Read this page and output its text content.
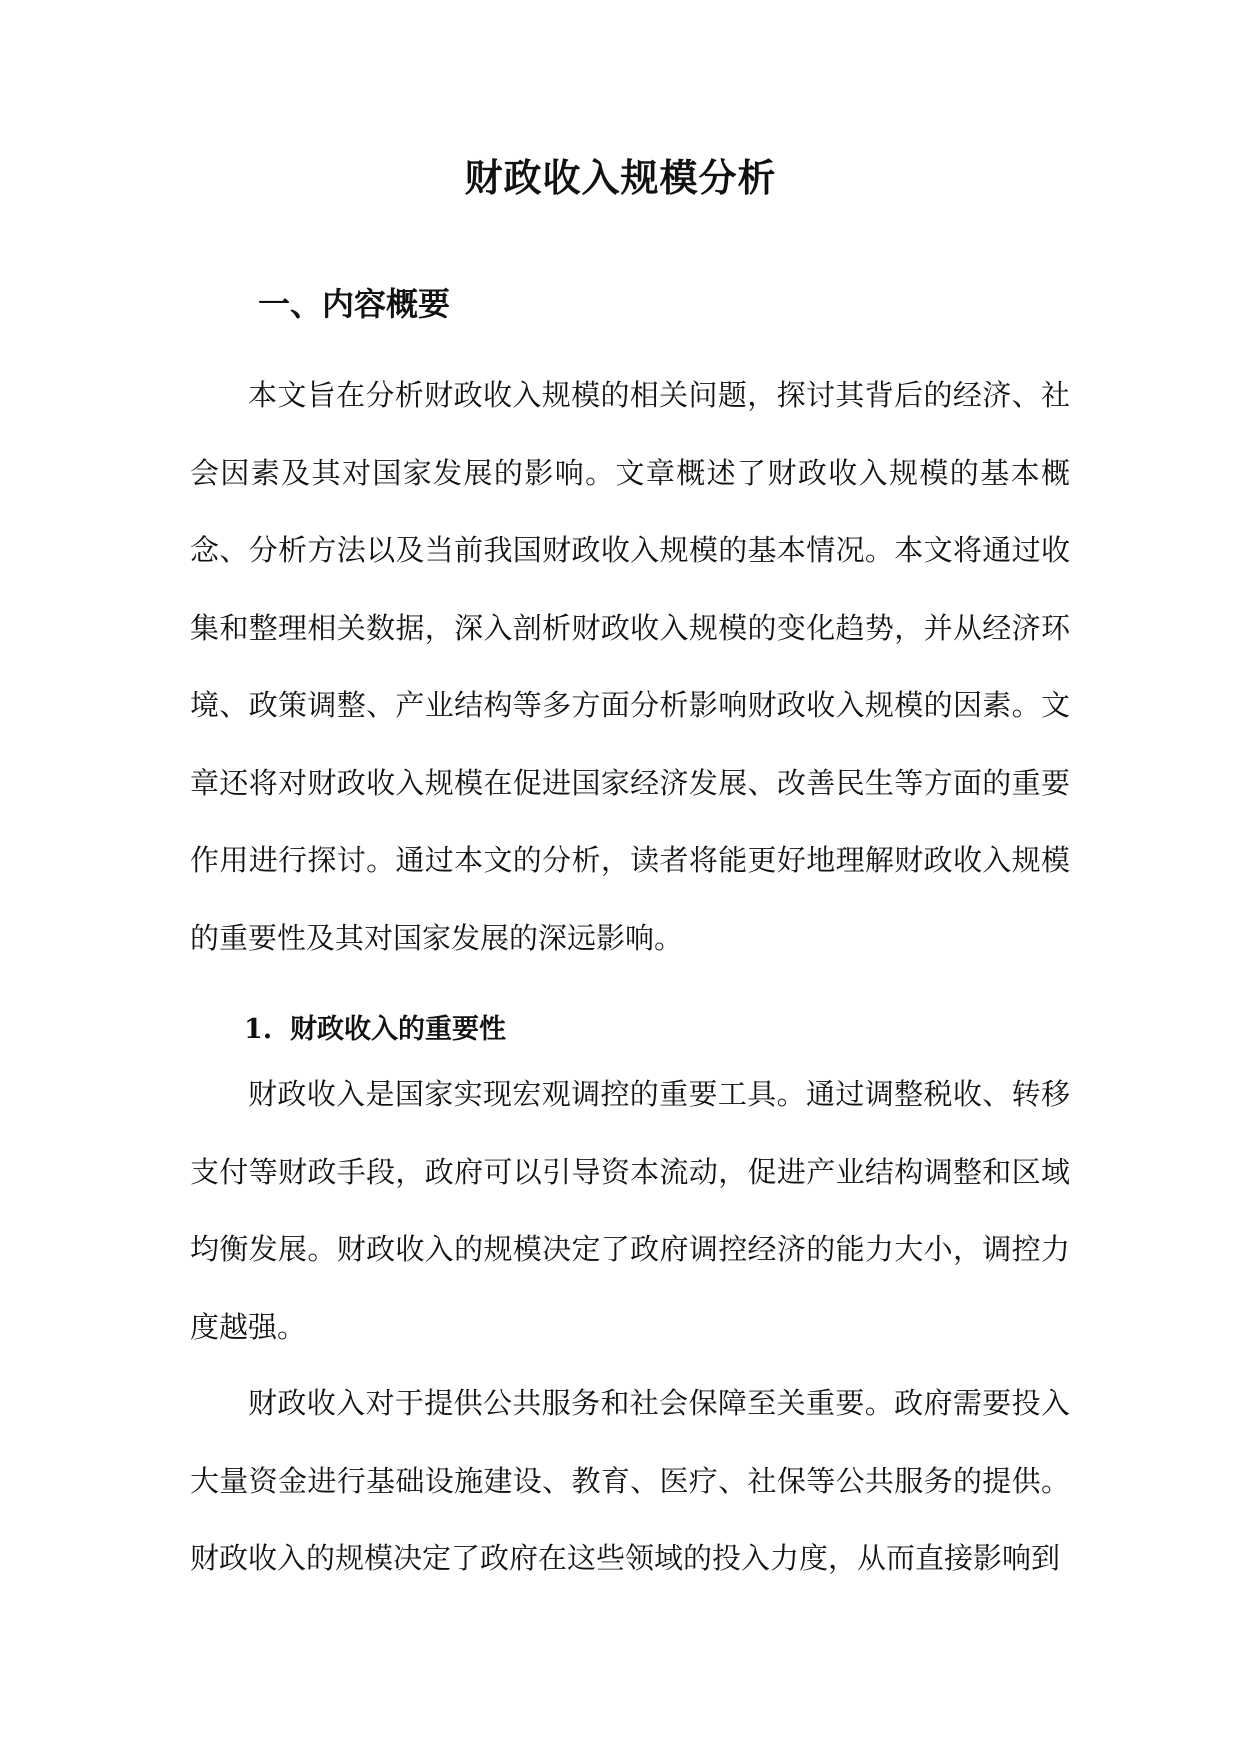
财政收入规模分析
一、内容概要

本文旨在分析财政收入规模的相关问题，探讨其背后的经济、社会因素及其对国家发展的影响。文章概述了财政收入规模的基本概念、分析方法以及当前我国财政收入规模的基本情况。本文将通过收集和整理相关数据，深入剖析财政收入规模的变化趋势，并从经济环境、政策调整、产业结构等多方面分析影响财政收入规模的因素。文章还将对财政收入规模在促进国家经济发展、改善民生等方面的重要作用进行探讨。通过本文的分析，读者将能更好地理解财政收入规模的重要性及其对国家发展的深远影响。

1. 财政收入的重要性

财政收入是国家实现宏观调控的重要工具。通过调整税收、转移支付等财政手段，政府可以引导资本流动，促进产业结构调整和区域均衡发展。财政收入的规模决定了政府调控经济的能力大小，调控力度越强。

财政收入对于提供公共服务和社会保障至关重要。政府需要投入大量资金进行基础设施建设、教育、医疗、社保等公共服务的提供。财政收入的规模决定了政府在这些领域的投入力度，从而直接影响到
